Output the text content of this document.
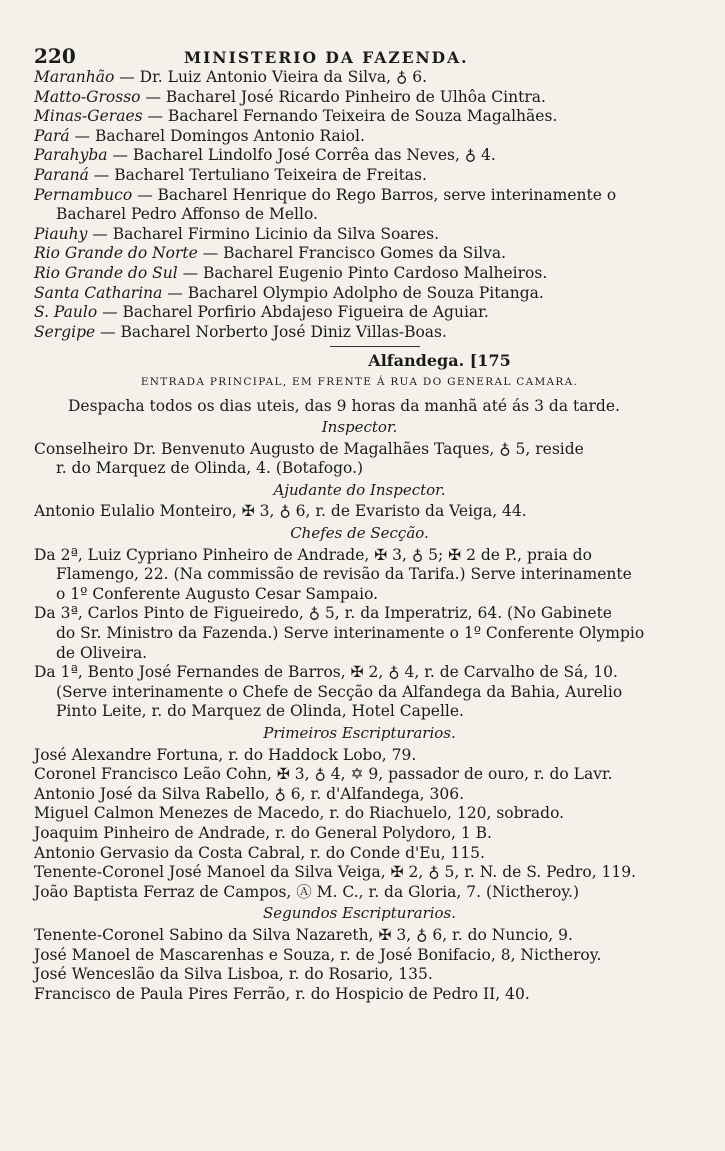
220	MINISTERIO DA FAZENDA.
Maranhão — Dr. Luiz Antonio Vieira da Silva, ♁ 6.
Matto-Grosso — Bacharel José Ricardo Pinheiro de Ulhôa Cintra.
Minas-Geraes — Bacharel Fernando Teixeira de Souza Magalhães.
Pará — Bacharel Domingos Antonio Raiol.
Parahyba — Bacharel Lindolfo José Corrêa das Neves, ♁ 4.
Paraná — Bacharel Tertuliano Teixeira de Freitas.
Pernambuco — Bacharel Henrique do Rego Barros, serve interinamente o
Bacharel Pedro Affonso de Mello.
Piauhy — Bacharel Firmino Licinio da Silva Soares.
Rio Grande do Norte — Bacharel Francisco Gomes da Silva.
Rio Grande do Sul — Bacharel Eugenio Pinto Cardoso Malheiros.
Santa Catharina — Bacharel Olympio Adolpho de Souza Pitanga.
S. Paulo — Bacharel Porfirio Abdajeso Figueira de Aguiar.
Sergipe — Bacharel Norberto José Diniz Villas-Boas.
Alfandega. [175
ENTRADA PRINCIPAL, EM FRENTE Á RUA DO GENERAL CAMARA.
Despacha todos os dias uteis, das 9 horas da manhã até ás 3 da tarde.
Inspector.
Conselheiro Dr. Benvenuto Augusto de Magalhães Taques, ♁ 5, reside
r. do Marquez de Olinda, 4. (Botafogo.)
Ajudante do Inspector.
Antonio Eulalio Monteiro, ✠ 3, ♁ 6, r. de Evaristo da Veiga, 44.
Chefes de Secção.
Da 2ª, Luiz Cypriano Pinheiro de Andrade, ✠ 3, ♁ 5; ✠ 2 de P., praia do
Flamengo, 22. (Na commissão de revisão da Tarifa.) Serve interinamente
o 1º Conferente Augusto Cesar Sampaio.
Da 3ª, Carlos Pinto de Figueiredo, ♁ 5, r. da Imperatriz, 64. (No Gabinete
do Sr. Ministro da Fazenda.) Serve interinamente o 1º Conferente Olympio
de Oliveira.
Da 1ª, Bento José Fernandes de Barros, ✠ 2, ♁ 4, r. de Carvalho de Sá, 10.
(Serve interinamente o Chefe de Secção da Alfandega da Bahia, Aurelio
Pinto Leite, r. do Marquez de Olinda, Hotel Capelle.
Primeiros Escripturarios.
José Alexandre Fortuna, r. do Haddock Lobo, 79.
Coronel Francisco Leão Cohn, ✠ 3, ♁ 4, ✡ 9, passador de ouro, r. do Lavr.
Antonio José da Silva Rabello, ♁ 6, r. d'Alfandega, 306.
Miguel Calmon Menezes de Macedo, r. do Riachuelo, 120, sobrado.
Joaquim Pinheiro de Andrade, r. do General Polydoro, 1 B.
Antonio Gervasio da Costa Cabral, r. do Conde d'Eu, 115.
Tenente-Coronel José Manoel da Silva Veiga, ✠ 2, ♁ 5, r. N. de S. Pedro, 119.
João Baptista Ferraz de Campos, Ⓐ M. C., r. da Gloria, 7. (Nictheroy.)
Segundos Escripturarios.
Tenente-Coronel Sabino da Silva Nazareth, ✠ 3, ♁ 6, r. do Nuncio, 9.
José Manoel de Mascarenhas e Souza, r. de José Bonifacio, 8, Nictheroy.
José Wenceslão da Silva Lisboa, r. do Rosario, 135.
Francisco de Paula Pires Ferrão, r. do Hospicio de Pedro II, 40.
